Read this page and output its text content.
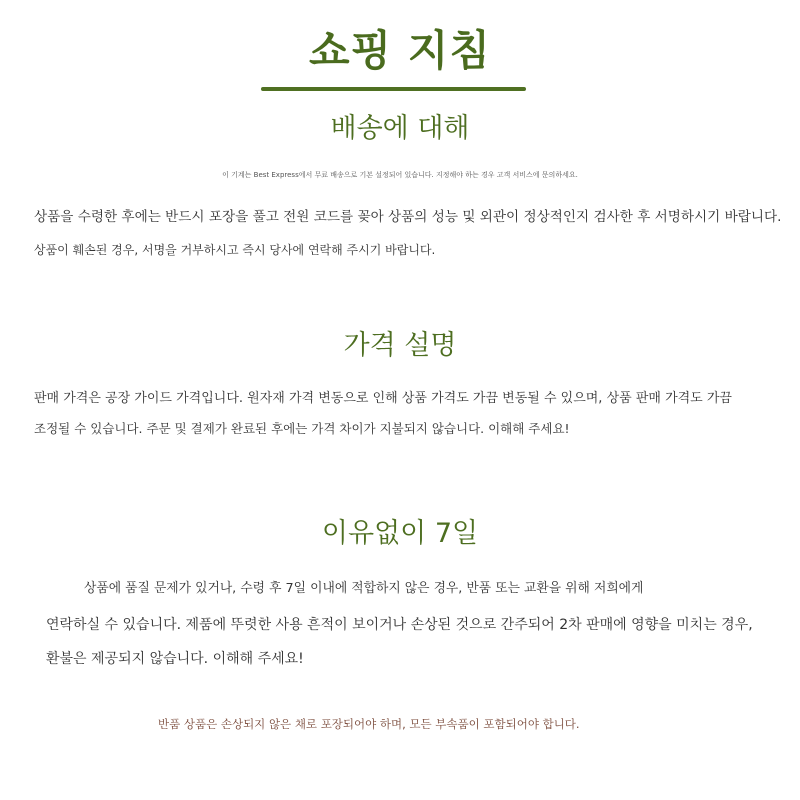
쇼핑 지침
배송에 대해
이 기계는 Best Express에서 무료 배송으로 기본 설정되어 있습니다. 지정해야 하는 경우 고객 서비스에 문의하세요.
상품을 수령한 후에는 반드시 포장을 풀고 전원 코드를 꽂아 상품의 성능 및 외관이 정상적인지 검사한 후 서명하시기 바랍니다.
상품이 훼손된 경우, 서명을 거부하시고 즉시 당사에 연락해 주시기 바랍니다.
가격 설명
판매 가격은 공장 가이드 가격입니다. 원자재 가격 변동으로 인해 상품 가격도 가끔 변동될 수 있으며, 상품 판매 가격도 가끔
조정될 수 있습니다. 주문 및 결제가 완료된 후에는 가격 차이가 지불되지 않습니다. 이해해 주세요!
이유없이 7일
상품에 품질 문제가 있거나, 수령 후 7일 이내에 적합하지 않은 경우, 반품 또는 교환을 위해 저희에게
연락하실 수 있습니다. 제품에 뚜렷한 사용 흔적이 보이거나 손상된 것으로 간주되어 2차 판매에 영향을 미치는 경우,
환불은 제공되지 않습니다. 이해해 주세요!
반품 상품은 손상되지 않은 채로 포장되어야 하며, 모든 부속품이 포함되어야 합니다.
